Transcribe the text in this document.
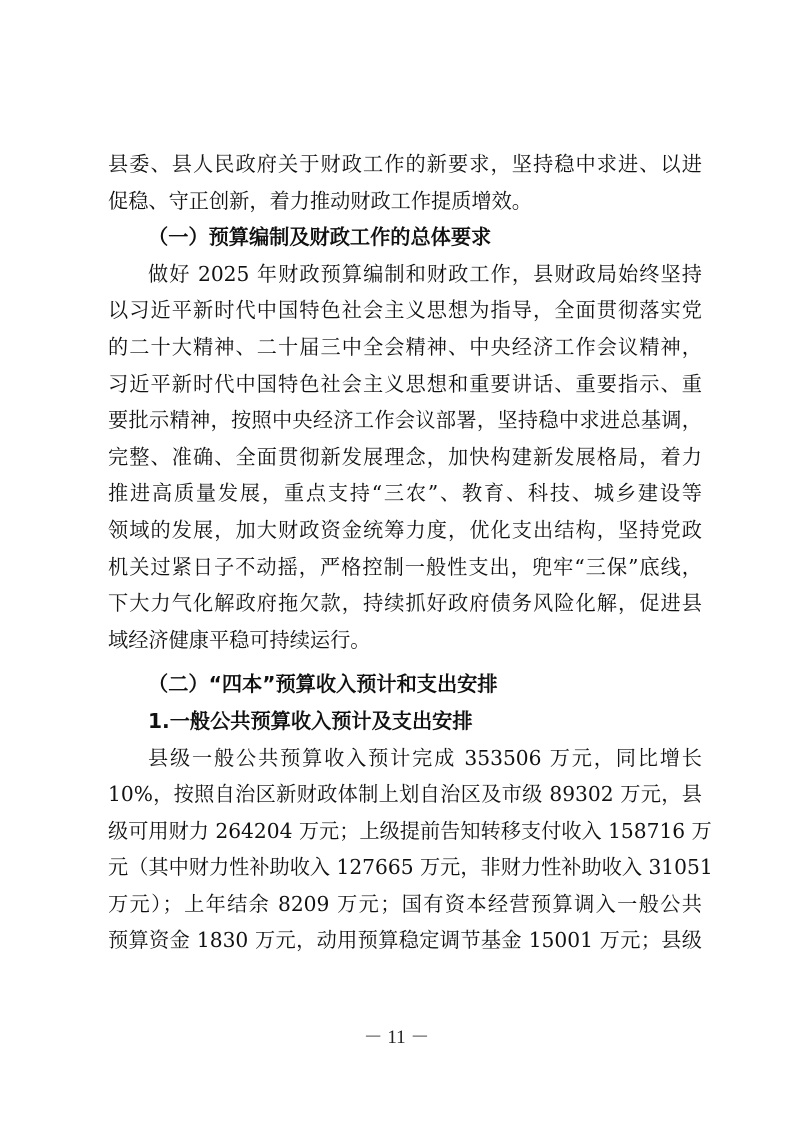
县委、县人民政府关于财政工作的新要求，坚持稳中求进、以进
促稳、守正创新，着力推动财政工作提质增效。
（一）预算编制及财政工作的总体要求
做好 2025 年财政预算编制和财政工作，县财政局始终坚持
以习近平新时代中国特色社会主义思想为指导，全面贯彻落实党
的二十大精神、二十届三中全会精神、中央经济工作会议精神，
习近平新时代中国特色社会主义思想和重要讲话、重要指示、重
要批示精神，按照中央经济工作会议部署，坚持稳中求进总基调，
完整、准确、全面贯彻新发展理念，加快构建新发展格局，着力
推进高质量发展，重点支持“三农”、教育、科技、城乡建设等
领域的发展，加大财政资金统筹力度，优化支出结构，坚持党政
机关过紧日子不动摇，严格控制一般性支出，兜牢“三保”底线，
下大力气化解政府拖欠款，持续抓好政府债务风险化解，促进县
域经济健康平稳可持续运行。
（二）“四本”预算收入预计和支出安排
1.一般公共预算收入预计及支出安排
县级一般公共预算收入预计完成 353506 万元，同比增长
10%，按照自治区新财政体制上划自治区及市级 89302 万元，县
级可用财力 264204 万元；上级提前告知转移支付收入 158716 万
元（其中财力性补助收入 127665 万元，非财力性补助收入 31051
万元）；上年结余 8209 万元；国有资本经营预算调入一般公共
预算资金 1830 万元，动用预算稳定调节基金 15001 万元；县级
－ 11 －
